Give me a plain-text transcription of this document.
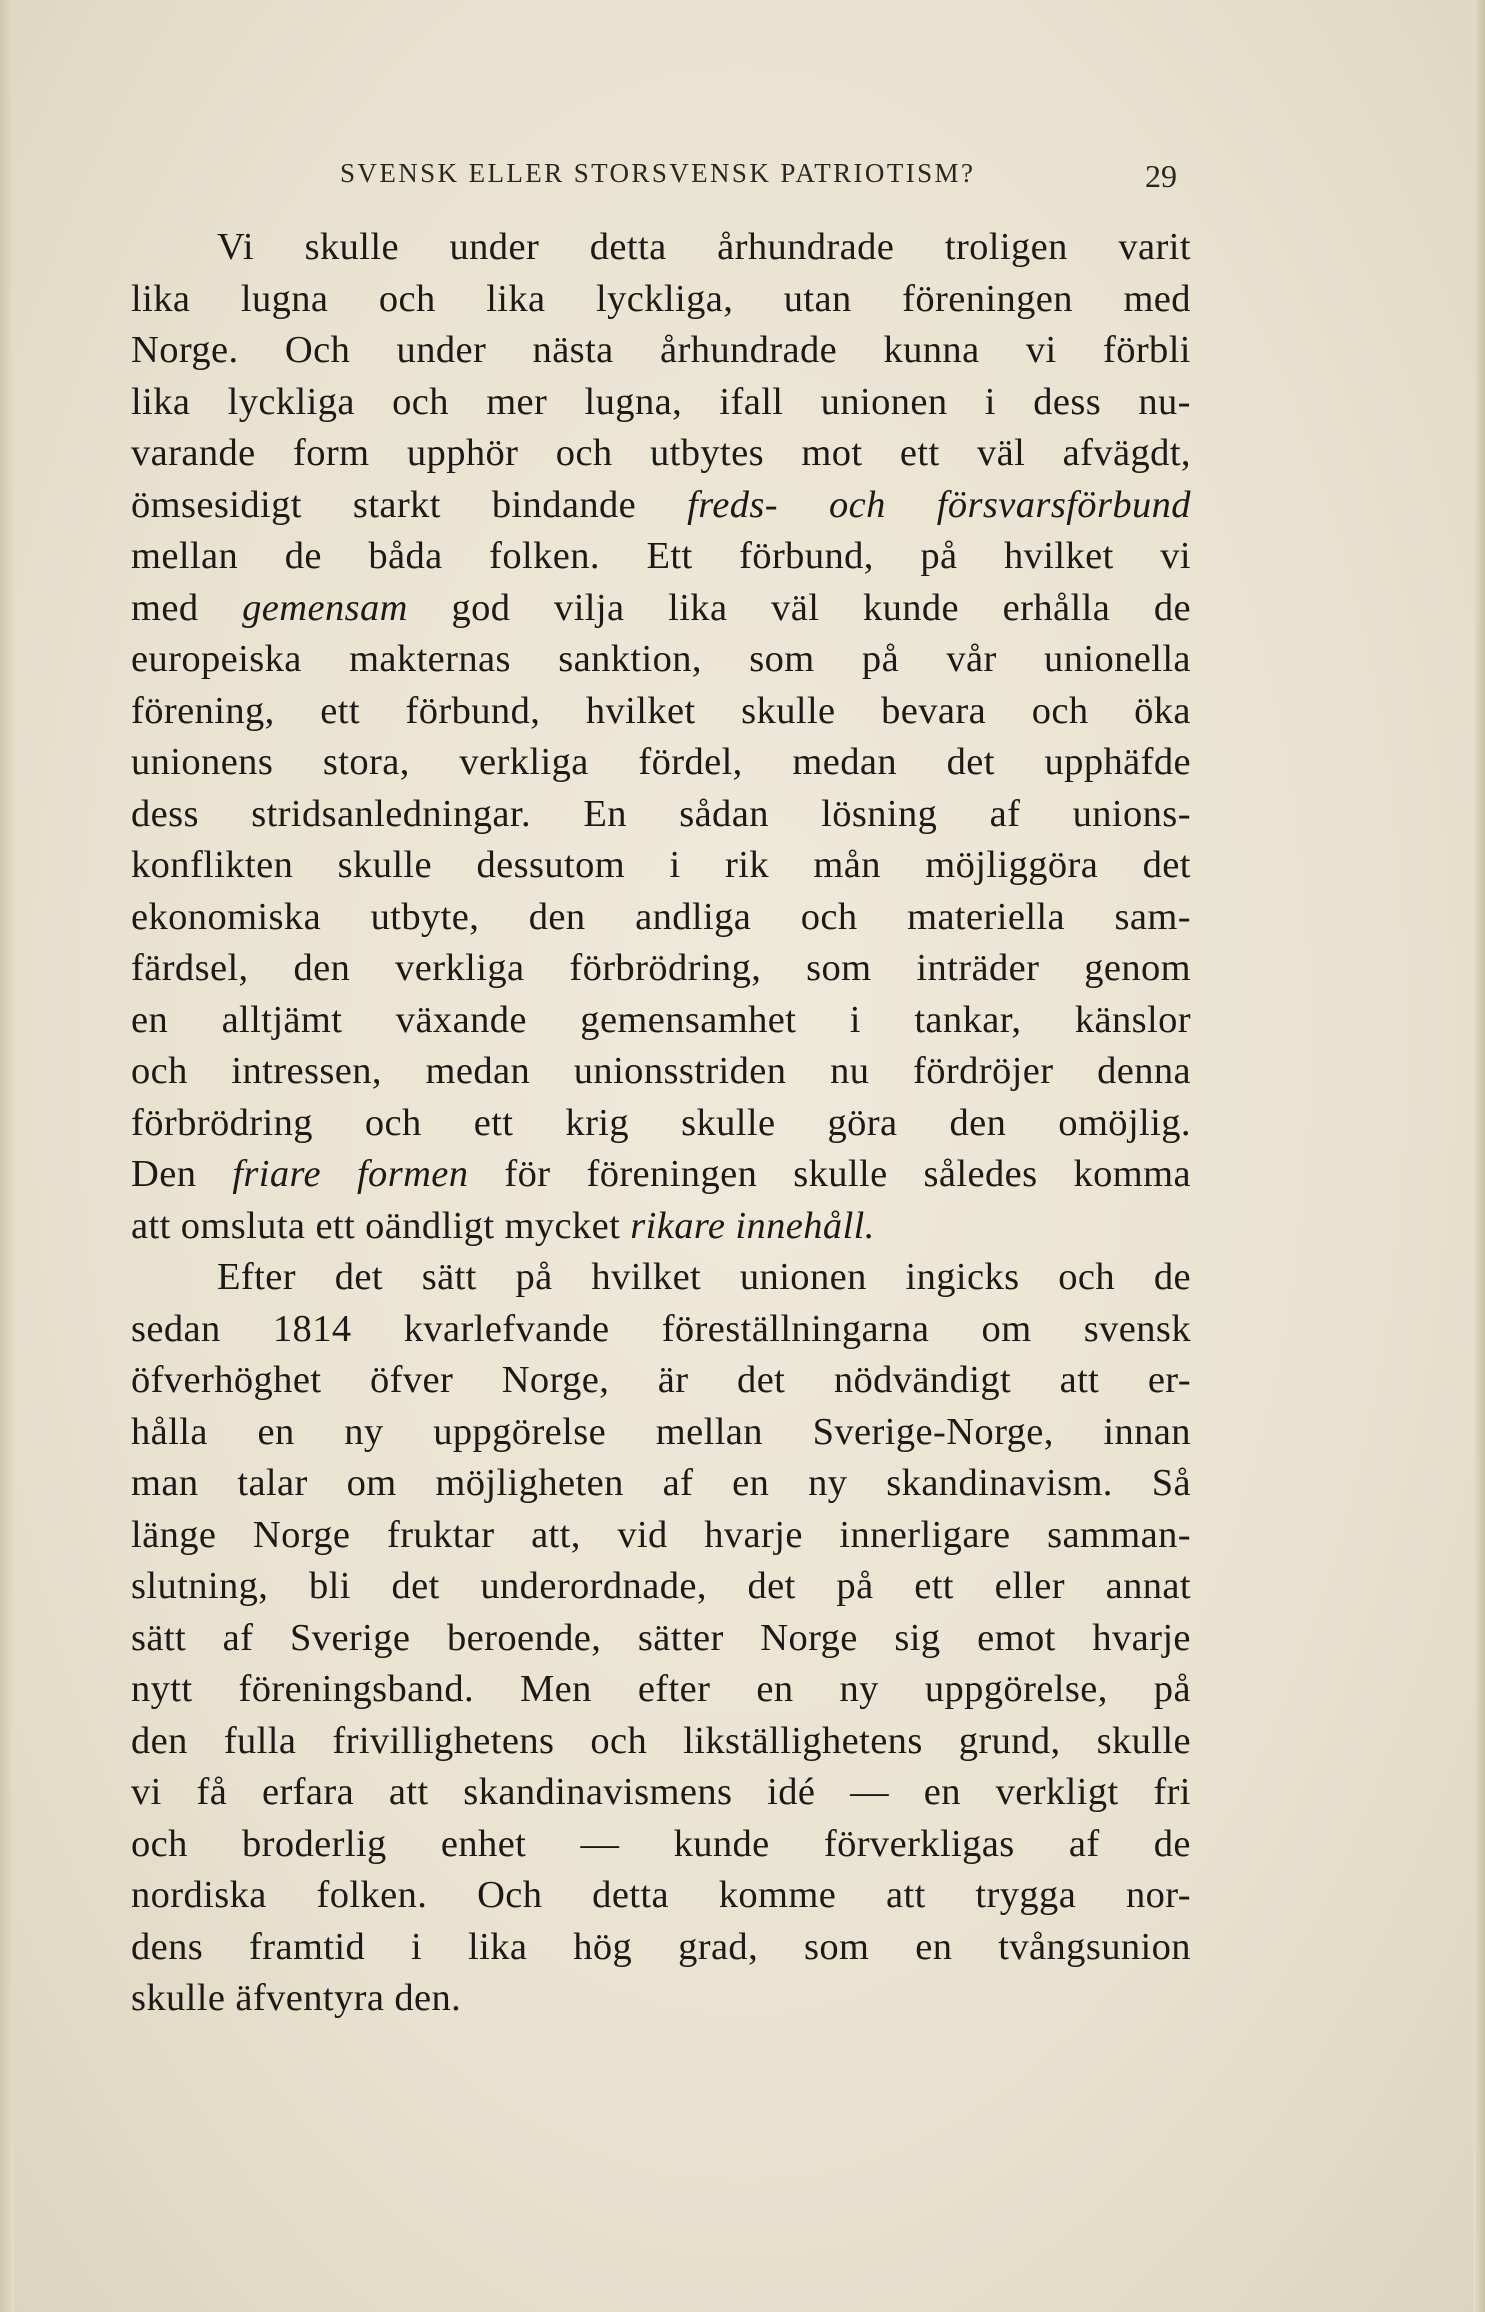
SVENSK ELLER STORSVENSK PATRIOTISM?	29
Vi skulle under detta århundrade troligen varit
lika lugna och lika lyckliga, utan föreningen med
Norge. Och under nästa århundrade kunna vi förbli
lika lyckliga och mer lugna, ifall unionen i dess nu-
varande form upphör och utbytes mot ett väl afvägdt,
ömsesidigt starkt bindande freds- och försvarsförbund
mellan de båda folken. Ett förbund, på hvilket vi
med gemensam god vilja lika väl kunde erhålla de
europeiska makternas sanktion, som på vår unionella
förening, ett förbund, hvilket skulle bevara och öka
unionens stora, verkliga fördel, medan det upphäfde
dess stridsanledningar. En sådan lösning af unions-
konflikten skulle dessutom i rik mån möjliggöra det
ekonomiska utbyte, den andliga och materiella sam-
färdsel, den verkliga förbrödring, som inträder genom
en alltjämt växande gemensamhet i tankar, känslor
och intressen, medan unionsstriden nu fördröjer denna
förbrödring och ett krig skulle göra den omöjlig.
Den friare formen för föreningen skulle således komma
att omsluta ett oändligt mycket rikare innehåll.
Efter det sätt på hvilket unionen ingicks och de
sedan 1814 kvarlefvande föreställningarna om svensk
öfverhöghet öfver Norge, är det nödvändigt att er-
hålla en ny uppgörelse mellan Sverige-Norge, innan
man talar om möjligheten af en ny skandinavism. Så
länge Norge fruktar att, vid hvarje innerligare samman-
slutning, bli det underordnade, det på ett eller annat
sätt af Sverige beroende, sätter Norge sig emot hvarje
nytt föreningsband. Men efter en ny uppgörelse, på
den fulla frivillighetens och likställighetens grund, skulle
vi få erfara att skandinavismens idé — en verkligt fri
och broderlig enhet — kunde förverkligas af de
nordiska folken. Och detta komme att trygga nor-
dens framtid i lika hög grad, som en tvångsunion
skulle äfventyra den.
